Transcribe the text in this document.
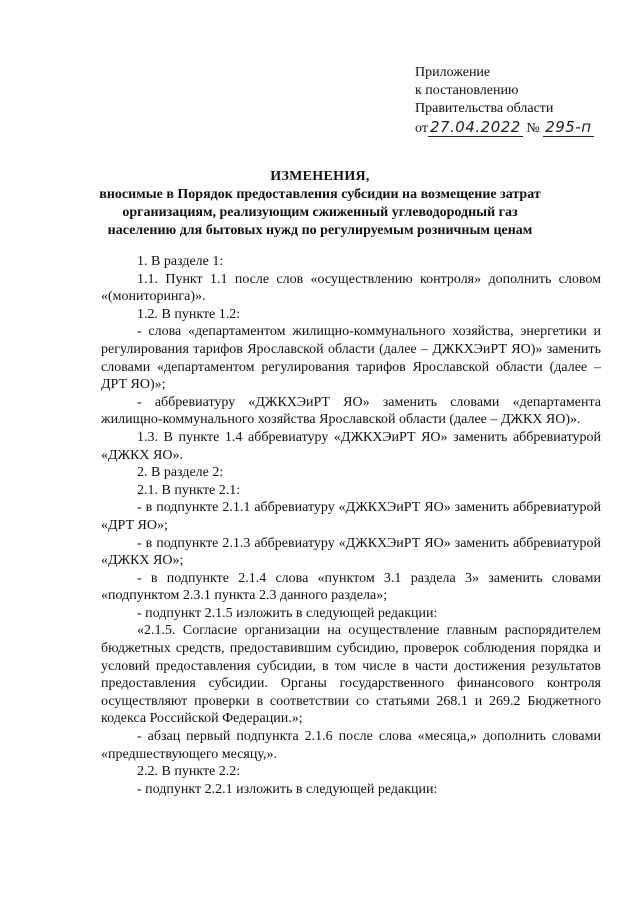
Приложение
к постановлению
Правительства области
от 27.04.2022 № 295-п
ИЗМЕНЕНИЯ,
вносимые в Порядок предоставления субсидии на возмещение затрат
организациям, реализующим сжиженный углеводородный газ
населению для бытовых нужд по регулируемым розничным ценам

1. В разделе 1:

1.1. Пункт 1.1 после слов «осуществлению контроля» дополнить словом «(мониторинга)».

1.2. В пункте 1.2:

- слова «департаментом жилищно-коммунального хозяйства, энергетики и регулирования тарифов Ярославской области (далее – ДЖКХЭиРТ ЯО)» заменить словами «департаментом регулирования тарифов Ярославской области (далее – ДРТ ЯО)»;

- аббревиатуру «ДЖКХЭиРТ ЯО» заменить словами «департамента жилищно-коммунального хозяйства Ярославской области (далее – ДЖКХ ЯО)».

1.3. В пункте 1.4 аббревиатуру «ДЖКХЭиРТ ЯО» заменить аббревиатурой «ДЖКХ ЯО».

2. В разделе 2:

2.1. В пункте 2.1:

- в подпункте 2.1.1 аббревиатуру «ДЖКХЭиРТ ЯО» заменить аббревиатурой «ДРТ ЯО»;

- в подпункте 2.1.3 аббревиатуру «ДЖКХЭиРТ ЯО» заменить аббревиатурой «ДЖКХ ЯО»;

- в подпункте 2.1.4 слова «пунктом 3.1 раздела 3» заменить словами «подпунктом 2.3.1 пункта 2.3 данного раздела»;

- подпункт 2.1.5 изложить в следующей редакции:

«2.1.5. Согласие организации на осуществление главным распорядителем бюджетных средств, предоставившим субсидию, проверок соблюдения порядка и условий предоставления субсидии, в том числе в части достижения результатов предоставления субсидии. Органы государственного финансового контроля осуществляют проверки в соответствии со статьями 268.1 и 269.2 Бюджетного кодекса Российской Федерации.»;

- абзац первый подпункта 2.1.6 после слова «месяца,» дополнить словами «предшествующего месяцу,».

2.2. В пункте 2.2:

- подпункт 2.2.1 изложить в следующей редакции:
